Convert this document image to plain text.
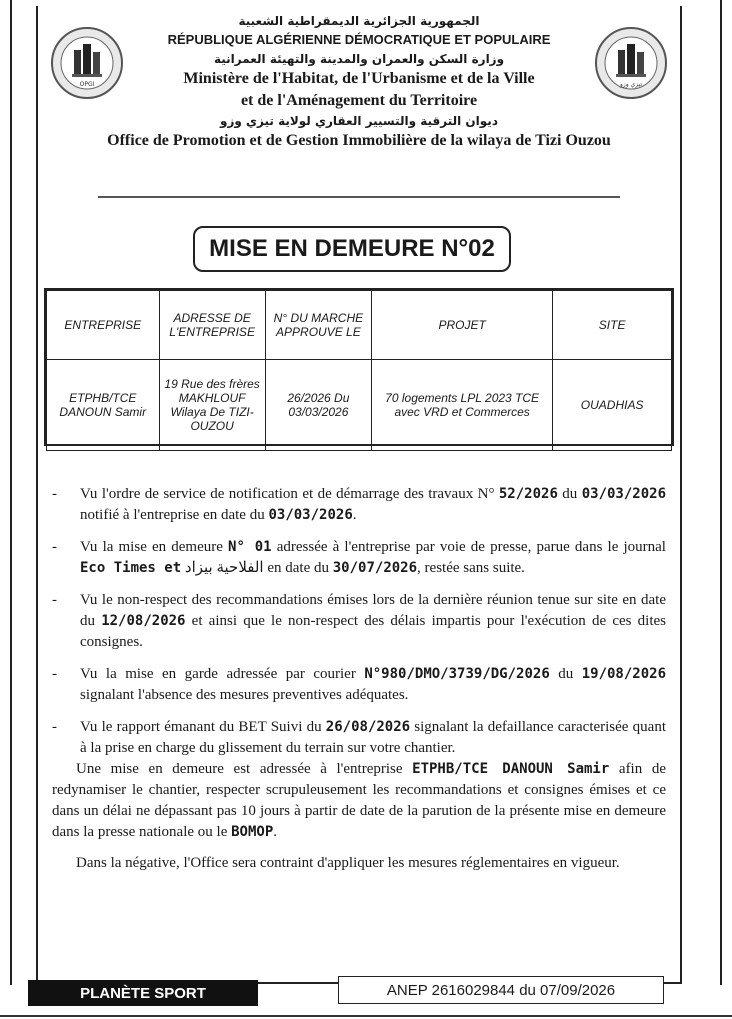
OPGI	تيزي وزو
الجمهورية الجزائرية الديمقراطية الشعبية
RÉPUBLIQUE ALGÉRIENNE DÉMOCRATIQUE ET POPULAIRE
وزارة السكن والعمران والمدينة والتهيئة العمرانية
Ministère de l'Habitat, de l'Urbanisme et de la Ville
et de l'Aménagement du Territoire
ديوان الترقية والتسيير العقاري لولاية تيزي وزو
Office de Promotion et de Gestion Immobilière de la wilaya de Tizi Ouzou
MISE EN DEMEURE N°02
ENTREPRISE	ADRESSE DE L'ENTREPRISE	N° DU MARCHE APPROUVE LE	PROJET	SITE
ETPHB/TCE DANOUN Samir	19 Rue des frères MAKHLOUF Wilaya De TIZI-OUZOU	26/2026 Du 03/03/2026	70 logements LPL 2023 TCE avec VRD et Commerces	OUADHIAS
- Vu l'ordre de service de notification et de démarrage des travaux N° 52/2026 du 03/03/2026 notifié à l'entreprise en date du 03/03/2026.
- Vu la mise en demeure N° 01 adressée à l'entreprise par voie de presse, parue dans le journal Eco Times et الفلاحية بيزاد en date du 30/07/2026, restée sans suite.
- Vu le non-respect des recommandations émises lors de la dernière réunion tenue sur site en date du 12/08/2026 et ainsi que le non-respect des délais impartis pour l'exécution de ces dites consignes.
- Vu la mise en garde adressée par courier N°980/DMO/3739/DG/2026 du 19/08/2026 signalant l'absence des mesures preventives adéquates.
- Vu le rapport émanant du BET Suivi du 26/08/2026 signalant la defaillance caracterisée quant à la prise en charge du glissement du terrain sur votre chantier.

Une mise en demeure est adressée à l'entreprise ETPHB/TCE DANOUN Samir afin de redynamiser le chantier, respecter scrupuleusement les recommandations et consignes émises et ce dans un délai ne dépassant pas 10 jours à partir de date de la parution de la présente mise en demeure dans la presse nationale ou le BOMOP.

Dans la négative, l'Office sera contraint d'appliquer les mesures réglementaires en vigueur.

PLANÈTE SPORT	ANEP 2616029844 du 07/09/2026
